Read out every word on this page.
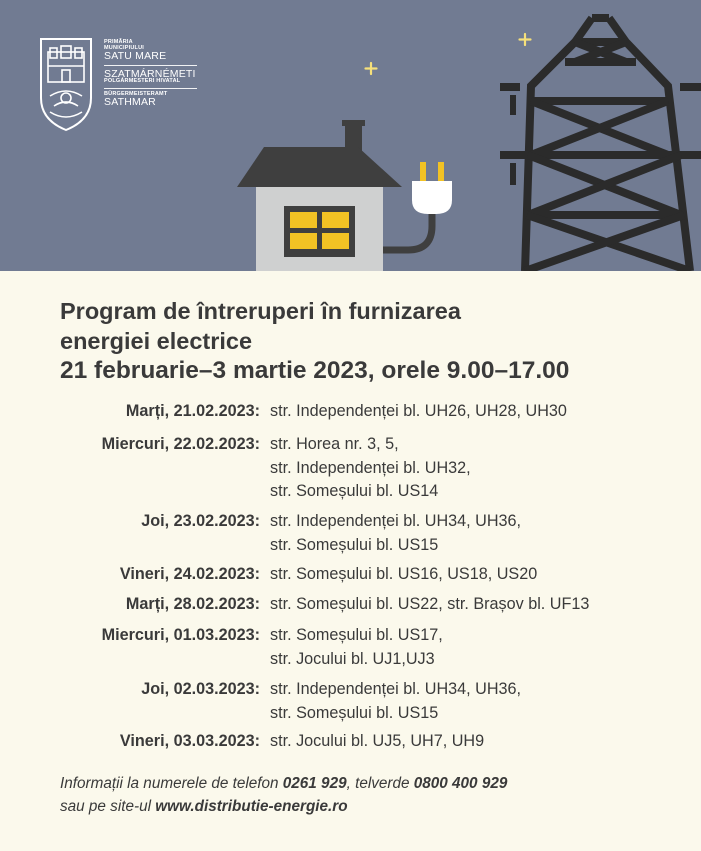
PRIMĂRIA
MUNICIPIULUI
SATU MARE
SZATMÁRNÉMETI
POLGÁRMESTERI HIVATAL
BÜRGERMEISTERAMT
SATHMAR
Program de întreruperi în furnizarea
energiei electrice
21 februarie–3 martie 2023, orele 9.00–17.00
Marți, 21.02.2023: str. Independenței bl. UH26, UH28, UH30
Miercuri, 22.02.2023: str. Horea nr. 3, 5,
str. Independenței bl. UH32,
str. Someșului bl. US14
Joi, 23.02.2023: str. Independenței bl. UH34, UH36,
str. Someșului bl. US15
Vineri, 24.02.2023: str. Someșului bl. US16, US18, US20
Marți, 28.02.2023: str. Someșului bl. US22, str. Brașov bl. UF13
Miercuri, 01.03.2023: str. Someșului bl. US17,
str. Jocului bl. UJ1,UJ3
Joi, 02.03.2023: str. Independenței bl. UH34, UH36,
str. Someșului bl. US15
Vineri, 03.03.2023: str. Jocului bl. UJ5, UH7, UH9
Informații la numerele de telefon 0261 929, telverde 0800 400 929
sau pe site-ul www.distributie-energie.ro
